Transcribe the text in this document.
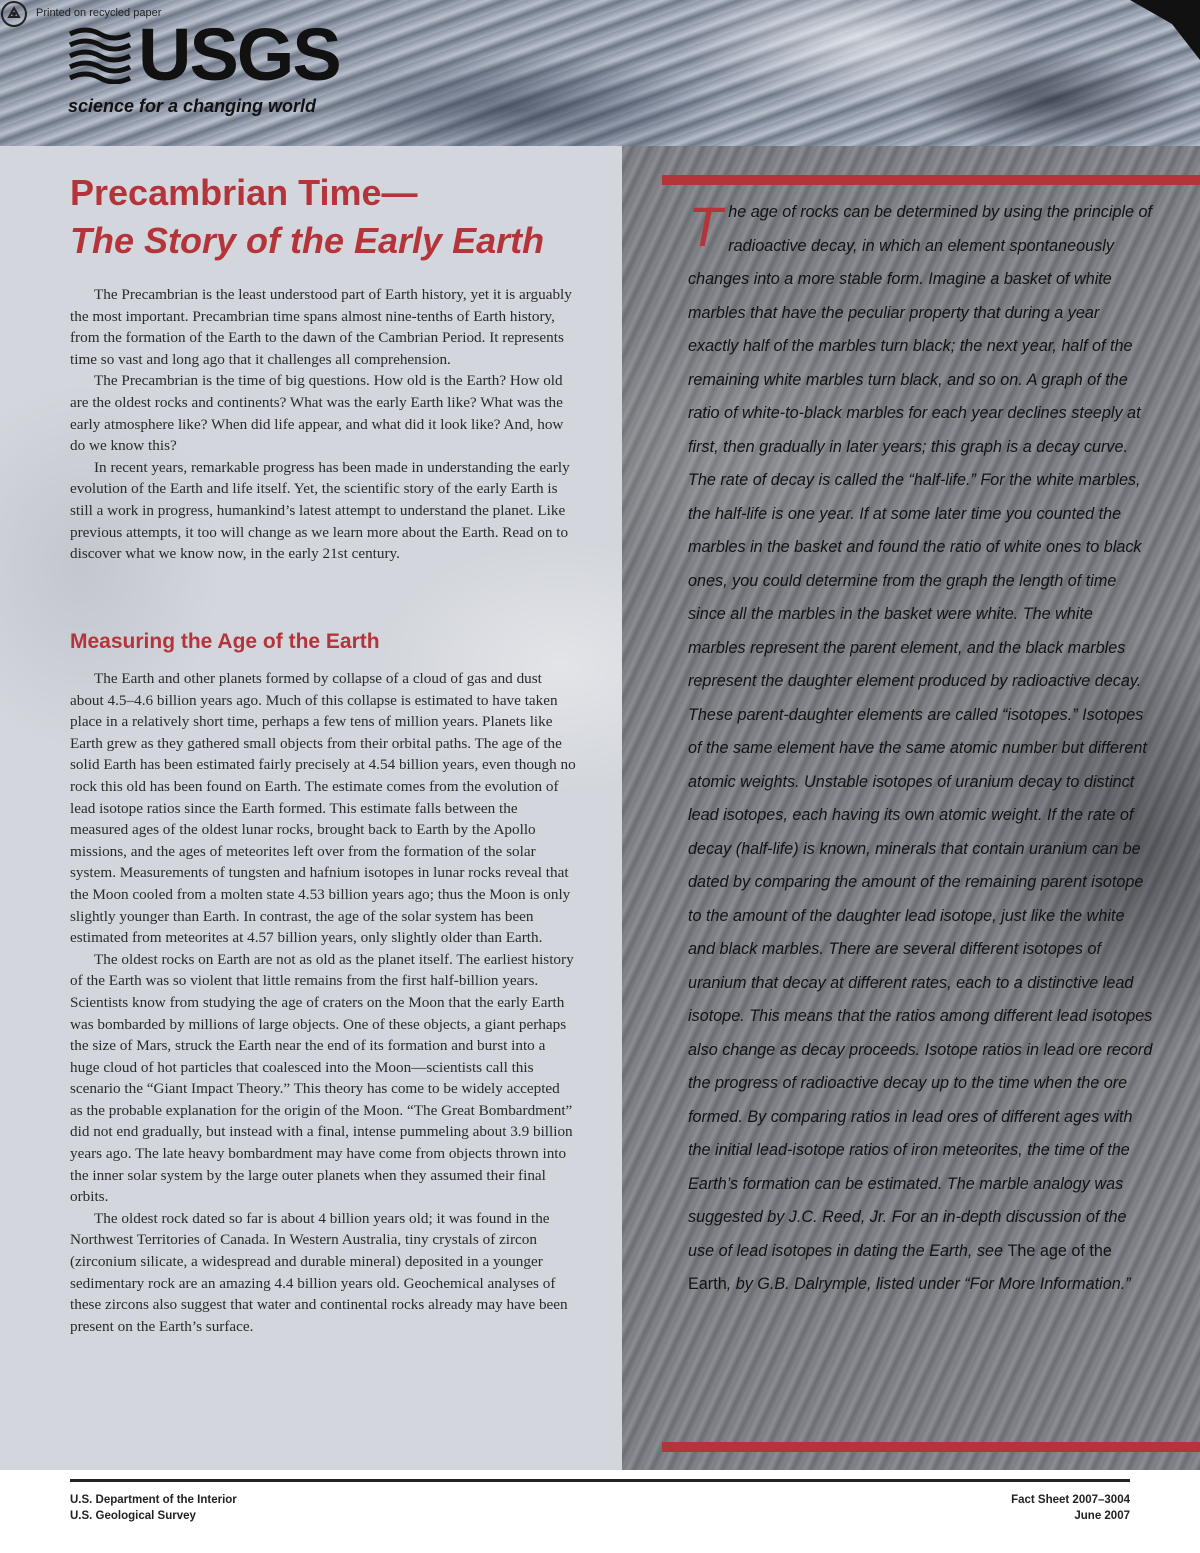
USGS
science for a changing world
Precambrian Time—
The Story of the Early Earth

The Precambrian is the least understood part of Earth history, yet it is arguably the most important. Precambrian time spans almost nine-tenths of Earth history, from the formation of the Earth to the dawn of the Cambrian Period. It represents time so vast and long ago that it challenges all comprehension.

The Precambrian is the time of big questions. How old is the Earth? How old are the oldest rocks and continents? What was the early Earth like? What was the early atmosphere like? When did life appear, and what did it look like? And, how do we know this?

In recent years, remarkable progress has been made in understanding the early evolution of the Earth and life itself. Yet, the scientific story of the early Earth is still a work in progress, humankind’s latest attempt to understand the planet. Like previous attempts, it too will change as we learn more about the Earth. Read on to discover what we know now, in the early 21st century.

Measuring the Age of the Earth

The Earth and other planets formed by collapse of a cloud of gas and dust about 4.5–4.6 billion years ago. Much of this collapse is estimated to have taken place in a relatively short time, perhaps a few tens of million years. Planets like Earth grew as they gathered small objects from their orbital paths. The age of the solid Earth has been estimated fairly precisely at 4.54 billion years, even though no rock this old has been found on Earth. The estimate comes from the evolution of lead isotope ratios since the Earth formed. This estimate falls between the measured ages of the oldest lunar rocks, brought back to Earth by the Apollo missions, and the ages of meteorites left over from the formation of the solar system. Measurements of tungsten and hafnium isotopes in lunar rocks reveal that the Moon cooled from a molten state 4.53 billion years ago; thus the Moon is only slightly younger than Earth. In contrast, the age of the solar system has been estimated from meteorites at 4.57 billion years, only slightly older than Earth.

The oldest rocks on Earth are not as old as the planet itself. The earliest history of the Earth was so violent that little remains from the first half-billion years. Scientists know from studying the age of craters on the Moon that the early Earth was bombarded by millions of large objects. One of these objects, a giant perhaps the size of Mars, struck the Earth near the end of its formation and burst into a huge cloud of hot particles that coalesced into the Moon—scientists call this scenario the “Giant Impact Theory.” This theory has come to be widely accepted as the probable explanation for the origin of the Moon. “The Great Bombardment” did not end gradually, but instead with a final, intense pummeling about 3.9 billion years ago. The late heavy bombardment may have come from objects thrown into the inner solar system by the large outer planets when they assumed their final orbits.

The oldest rock dated so far is about 4 billion years old; it was found in the Northwest Territories of Canada. In Western Australia, tiny crystals of zircon (zirconium silicate, a widespread and durable mineral) deposited in a younger sedimentary rock are an amazing 4.4 billion years old. Geochemical analyses of these zircons also suggest that water and continental rocks already may have been present on the Earth’s surface.

The age of rocks can be determined by using the principle of radioactive decay, in which an element spontaneously changes into a more stable form. Imagine a basket of white marbles that have the peculiar property that during a year exactly half of the marbles turn black; the next year, half of the remaining white marbles turn black, and so on. A graph of the ratio of white-to-black marbles for each year declines steeply at first, then gradually in later years; this graph is a decay curve. The rate of decay is called the “half-life.” For the white marbles, the half-life is one year. If at some later time you counted the marbles in the basket and found the ratio of white ones to black ones, you could determine from the graph the length of time since all the marbles in the basket were white. The white marbles represent the parent element, and the black marbles represent the daughter element produced by radioactive decay. These parent-daughter elements are called “isotopes.” Isotopes of the same element have the same atomic number but different atomic weights. Unstable isotopes of uranium decay to distinct lead isotopes, each having its own atomic weight. If the rate of decay (half-life) is known, minerals that contain uranium can be dated by comparing the amount of the remaining parent isotope to the amount of the daughter lead isotope, just like the white and black marbles. There are several different isotopes of uranium that decay at different rates, each to a distinctive lead isotope. This means that the ratios among different lead isotopes also change as decay proceeds. Isotope ratios in lead ore record the progress of radioactive decay up to the time when the ore formed. By comparing ratios in lead ores of different ages with the initial lead-isotope ratios of iron meteorites, the time of the Earth’s formation can be estimated. The marble analogy was suggested by J.C. Reed, Jr. For an in-depth discussion of the use of lead isotopes in dating the Earth, see The age of the Earth, by G.B. Dalrymple, listed under “For More Information.”

U.S. Department of the Interior
U.S. Geological Survey
Printed on recycled paper
Fact Sheet 2007–3004
June 2007
